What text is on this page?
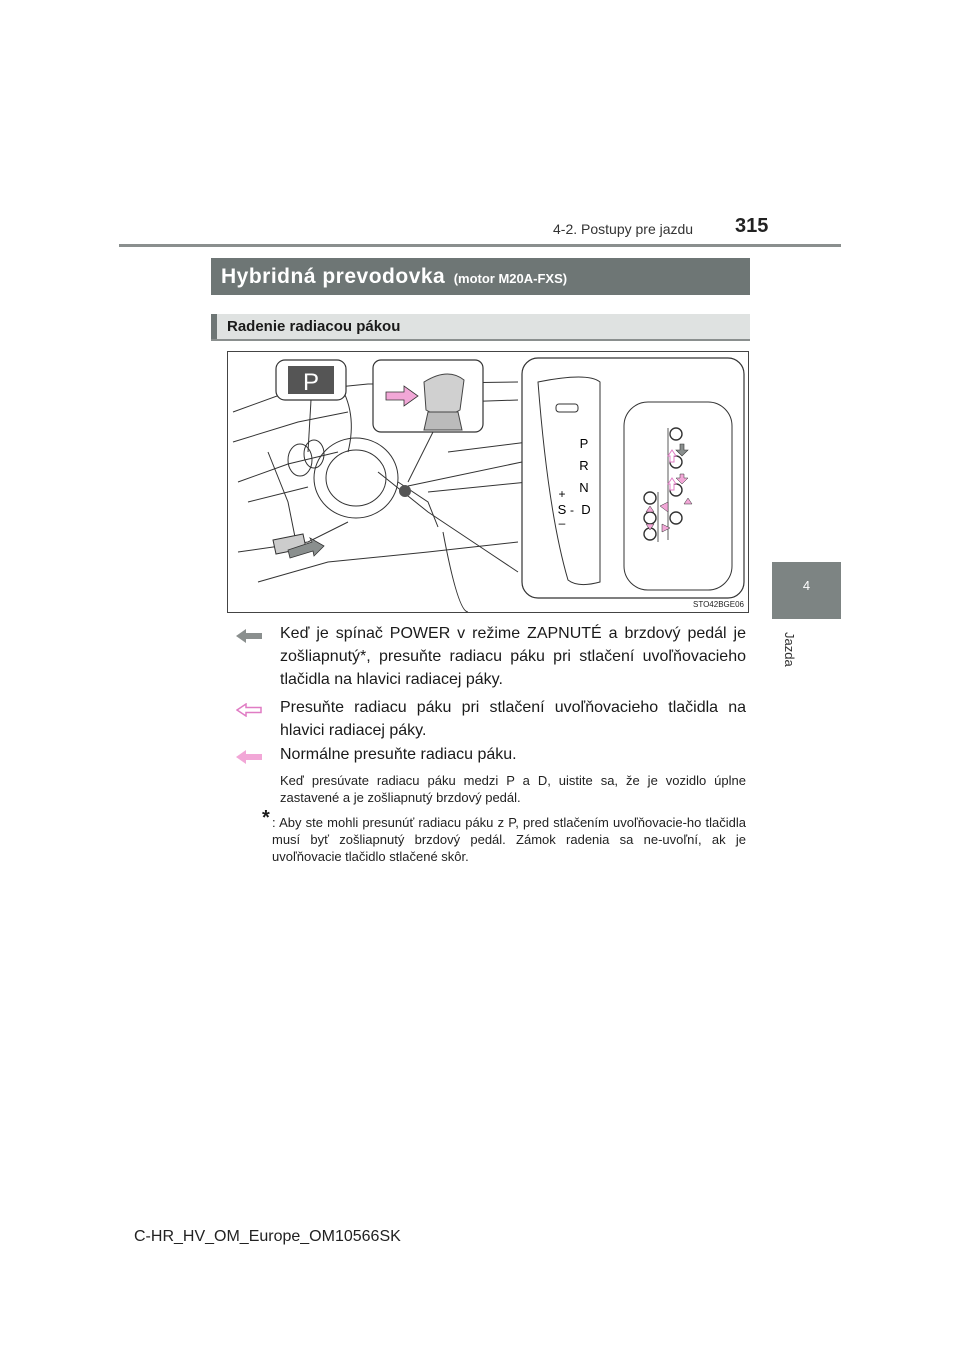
4-2. Postupy pre jazdu 315
4
Jazda
Hybridná prevodovka (motor M20A-FXS)
Radenie radiacou pákou
P
P
R
N
D
+
S -
–
STO42BGE06
Keď je spínač POWER v režime ZAPNUTÉ a brzdový pedál je zošliapnutý*, presuňte radiacu páku pri stlačení uvoľňovacieho tlačidla na hlavici radiacej páky.
Presuňte radiacu páku pri stlačení uvoľňovacieho tlačidla na hlavici radiacej páky.
Normálne presuňte radiacu páku.
Keď presúvate radiacu páku medzi P a D, uistite sa, že je vozidlo úplne zastavené a je zošliapnutý brzdový pedál.
* : Aby ste mohli presunúť radiacu páku z P, pred stlačením uvoľňovacie-ho tlačidla musí byť zošliapnutý brzdový pedál. Zámok radenia sa ne-uvoľní, ak je uvoľňovacie tlačidlo stlačené skôr.
C-HR_HV_OM_Europe_OM10566SK
